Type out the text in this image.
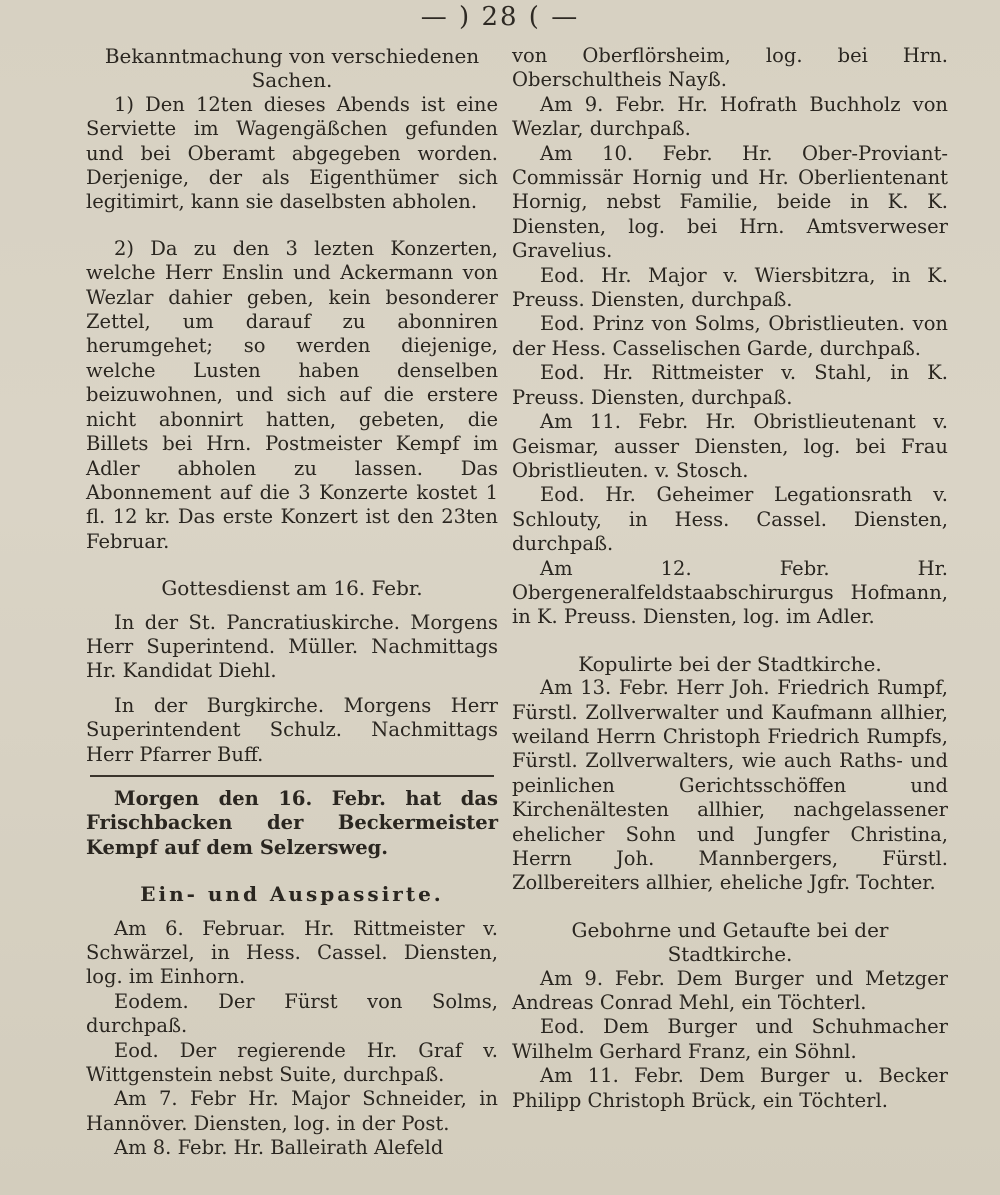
— ) 28 ( —
Bekanntmachung von verschiedenen Sachen.

1) Den 12ten dieses Abends ist eine Serviette im Wagengäßchen gefunden und bei Oberamt abgegeben worden. Derjenige, der als Eigenthümer sich legitimirt, kann sie daselbsten abholen.

2) Da zu den 3 lezten Konzerten, welche Herr Enslin und Ackermann von Wezlar dahier geben, kein besonderer Zettel, um darauf zu abonniren herumgehet; so werden diejenige, welche Lusten haben denselben beizuwohnen, und sich auf die erstere nicht abonnirt hatten, gebeten, die Billets bei Hrn. Postmeister Kempf im Adler abholen zu lassen. Das Abonnement auf die 3 Konzerte kostet 1 fl. 12 kr. Das erste Konzert ist den 23ten Februar.

Gottesdienst am 16. Febr.

In der St. Pancratiuskirche. Morgens Herr Superintend. Müller. Nachmittags Hr. Kandidat Diehl.

In der Burgkirche. Morgens Herr Superintendent Schulz. Nachmittags Herr Pfarrer Buff.

Morgen den 16. Febr. hat das Frischbacken der Beckermeister Kempf auf dem Selzersweg.

Ein- und Auspassirte.

Am 6. Februar. Hr. Rittmeister v. Schwärzel, in Hess. Cassel. Diensten, log. im Einhorn.

Eodem. Der Fürst von Solms, durchpaß.

Eod. Der regierende Hr. Graf v. Wittgenstein nebst Suite, durchpaß.

Am 7. Febr Hr. Major Schneider, in Hannöver. Diensten, log. in der Post.

Am 8. Febr. Hr. Balleirath Alefeld

von Oberflörsheim, log. bei Hrn. Oberschultheis Nayß.

Am 9. Febr. Hr. Hofrath Buchholz von Wezlar, durchpaß.

Am 10. Febr. Hr. Ober-Proviant-Commissär Hornig und Hr. Oberlientenant Hornig, nebst Familie, beide in K. K. Diensten, log. bei Hrn. Amtsverweser Gravelius.

Eod. Hr. Major v. Wiersbitzra, in K. Preuss. Diensten, durchpaß.

Eod. Prinz von Solms, Obristlieuten. von der Hess. Casselischen Garde, durchpaß.

Eod. Hr. Rittmeister v. Stahl, in K. Preuss. Diensten, durchpaß.

Am 11. Febr. Hr. Obristlieutenant v. Geismar, ausser Diensten, log. bei Frau Obristlieuten. v. Stosch.

Eod. Hr. Geheimer Legationsrath v. Schlouty, in Hess. Cassel. Diensten, durchpaß.

Am 12. Febr. Hr. Obergeneralfeldstaabschirurgus Hofmann, in K. Preuss. Diensten, log. im Adler.

Kopulirte bei der Stadtkirche.

Am 13. Febr. Herr Joh. Friedrich Rumpf, Fürstl. Zollverwalter und Kaufmann allhier, weiland Herrn Christoph Friedrich Rumpfs, Fürstl. Zollverwalters, wie auch Raths- und peinlichen Gerichtsschöffen und Kirchenältesten allhier, nachgelassener ehelicher Sohn und Jungfer Christina, Herrn Joh. Mannbergers, Fürstl. Zollbereiters allhier, eheliche Jgfr. Tochter.

Gebohrne und Getaufte bei der Stadtkirche.

Am 9. Febr. Dem Burger und Metzger Andreas Conrad Mehl, ein Töchterl.

Eod. Dem Burger und Schuhmacher Wilhelm Gerhard Franz, ein Söhnl.

Am 11. Febr. Dem Burger u. Becker Philipp Christoph Brück, ein Töchterl.
